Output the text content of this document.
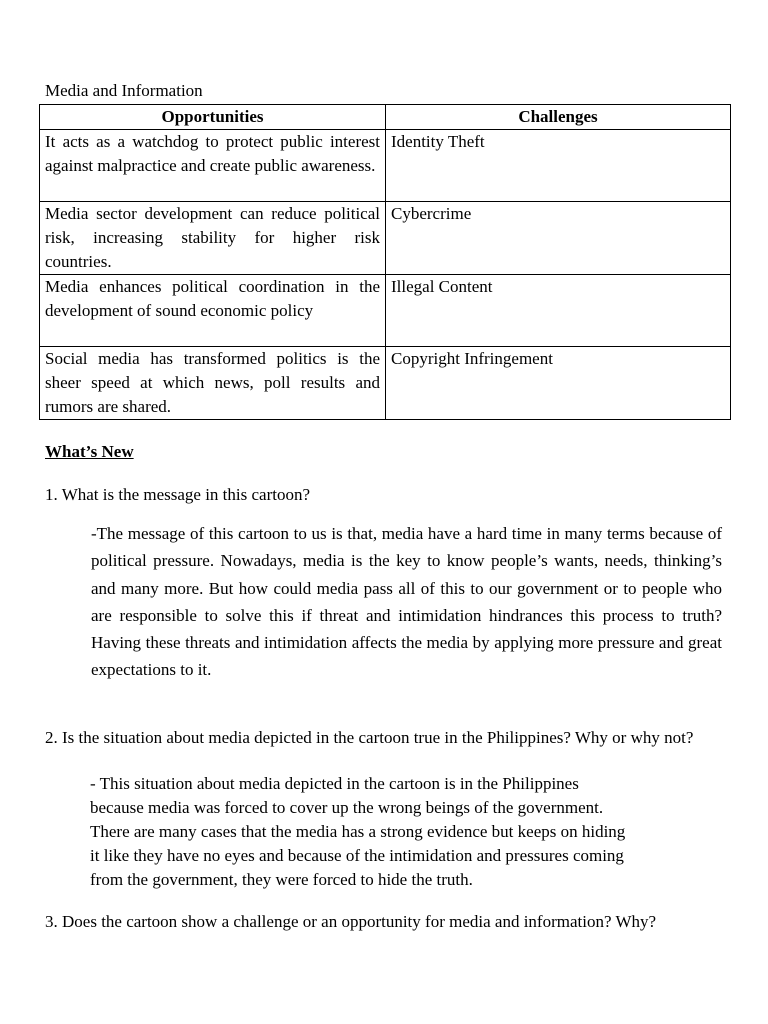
Media and Information
Opportunities	Challenges
It acts as a watchdog to protect public interest against malpractice and create public awareness.	Identity Theft
Media sector development can reduce political risk, increasing stability for higher risk countries.	Cybercrime
Media enhances political coordination in the development of sound economic policy	Illegal Content
Social media has transformed politics is the sheer speed at which news, poll results and rumors are shared.	Copyright Infringement
What’s New
1. What is the message in this cartoon?
-The message of this cartoon to us is that, media have a hard time in many terms because of political pressure. Nowadays, media is the key to know people’s wants, needs, thinking’s and many more. But how could media pass all of this to our government or to people who are responsible to solve this if threat and intimidation hindrances this process to truth? Having these threats and intimidation affects the media by applying more pressure and great expectations to it.
2. Is the situation about media depicted in the cartoon true in the Philippines? Why or why not?
- This situation about media depicted in the cartoon is in the Philippines
because media was forced to cover up the wrong beings of the government.
There are many cases that the media has a strong evidence but keeps on hiding
it like they have no eyes and because of the intimidation and pressures coming
from the government, they were forced to hide the truth.
3. Does the cartoon show a challenge or an opportunity for media and information? Why?
